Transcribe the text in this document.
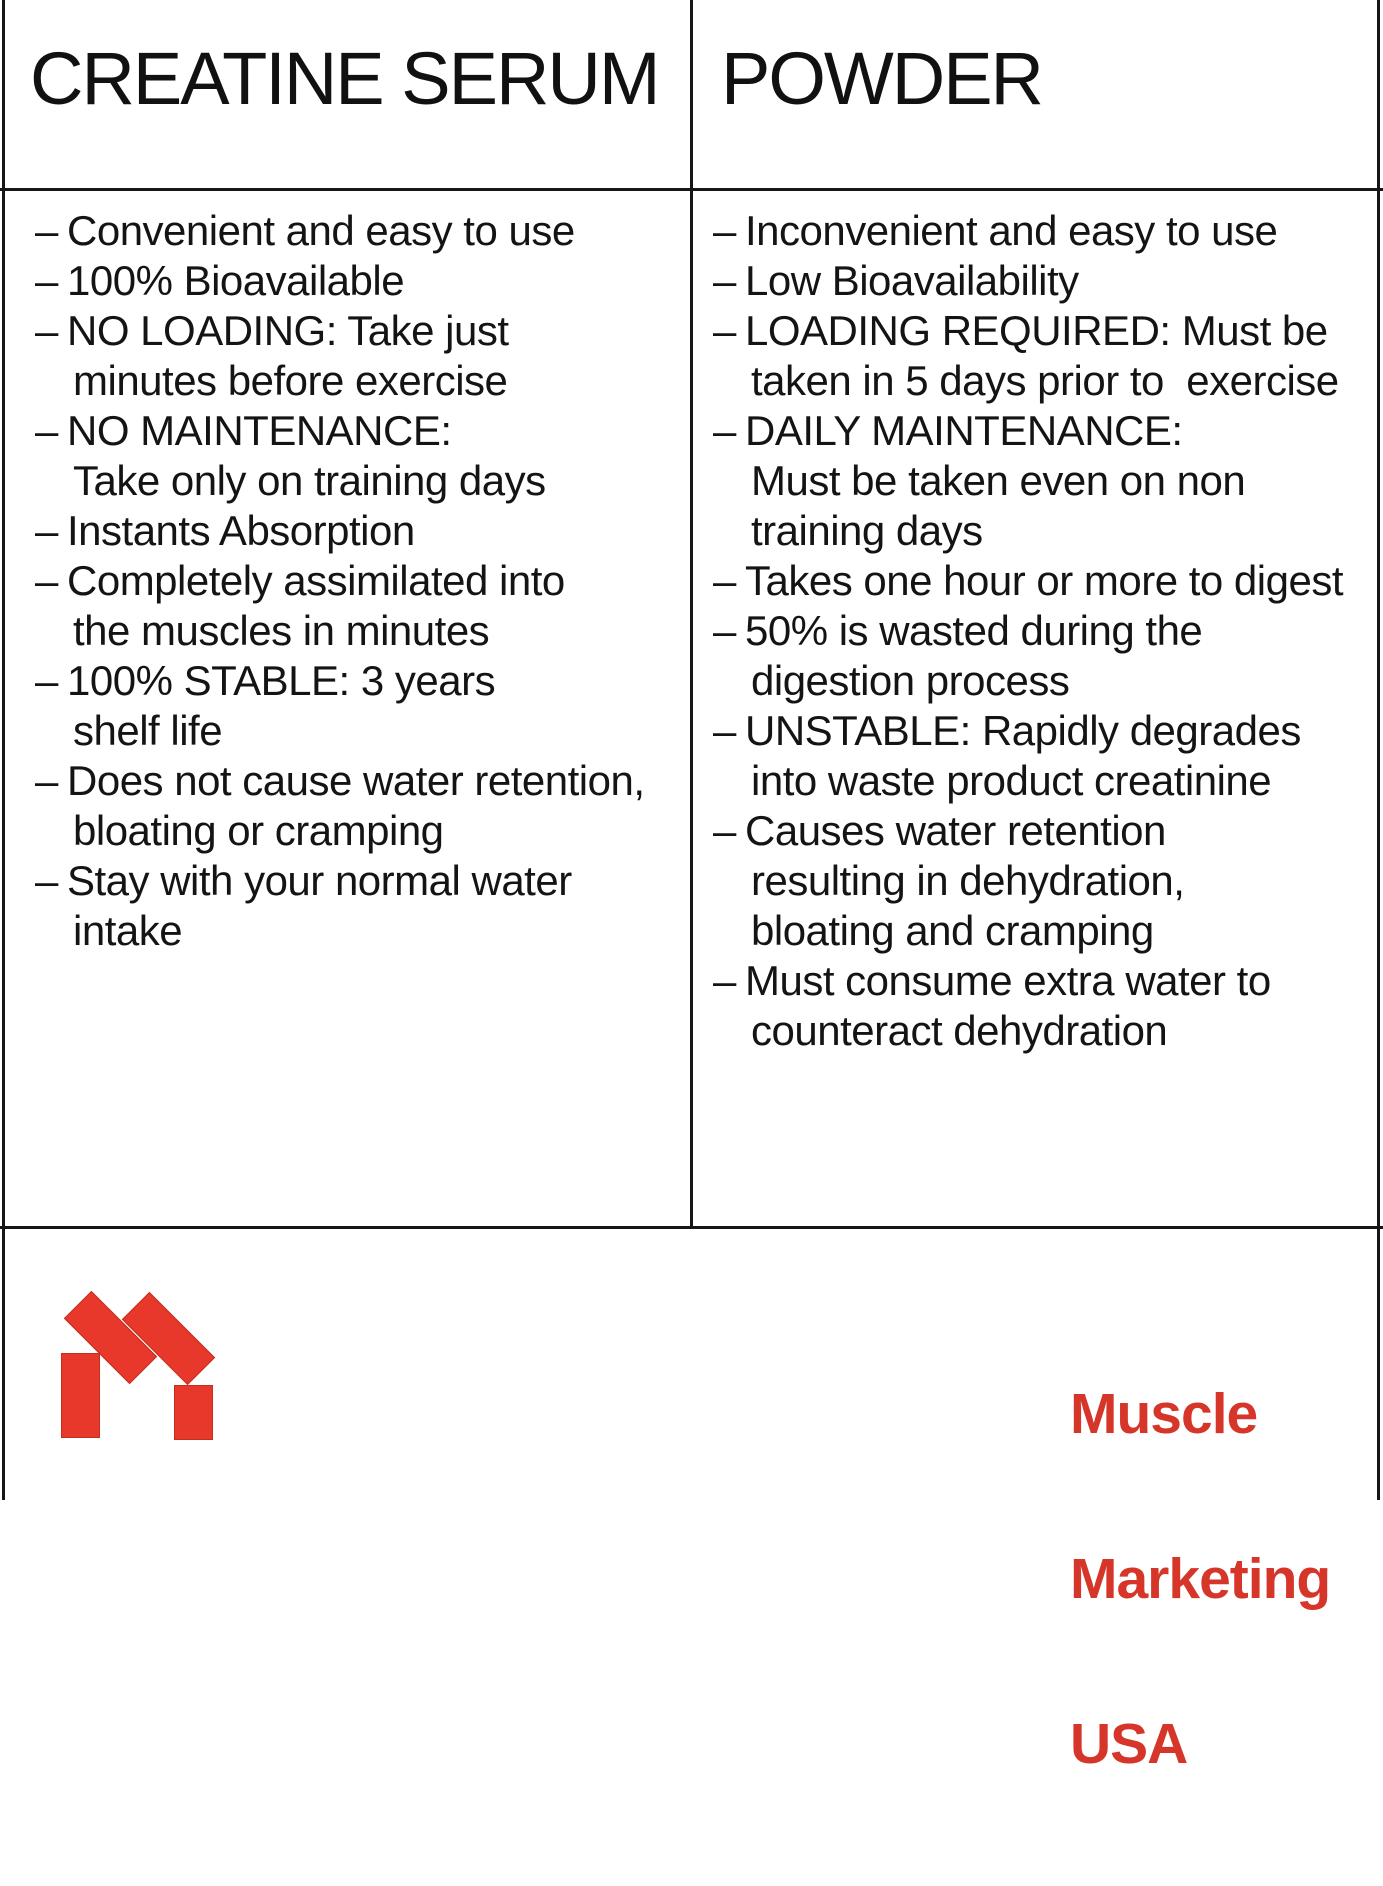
CREATINE SERUM POWDER
– Convenient and easy to use
– 100% Bioavailable
– NO LOADING: Take just
minutes before exercise
– NO MAINTENANCE:
Take only on training days
– Instants Absorption
– Completely assimilated into
the muscles in minutes
– 100% STABLE: 3 years
shelf life
– Does not cause water retention,
bloating or cramping
– Stay with your normal water
intake
– Inconvenient and easy to use
– Low Bioavailability
– LOADING REQUIRED: Must be
taken in 5 days prior to  exercise
– DAILY MAINTENANCE:
Must be taken even on non
training days
– Takes one hour or more to digest
– 50% is wasted during the
digestion process
– UNSTABLE: Rapidly degrades
into waste product creatinine
– Causes water retention
resulting in dehydration,
bloating and cramping
– Must consume extra water to
counteract dehydration

Muscle

Marketing

USA
